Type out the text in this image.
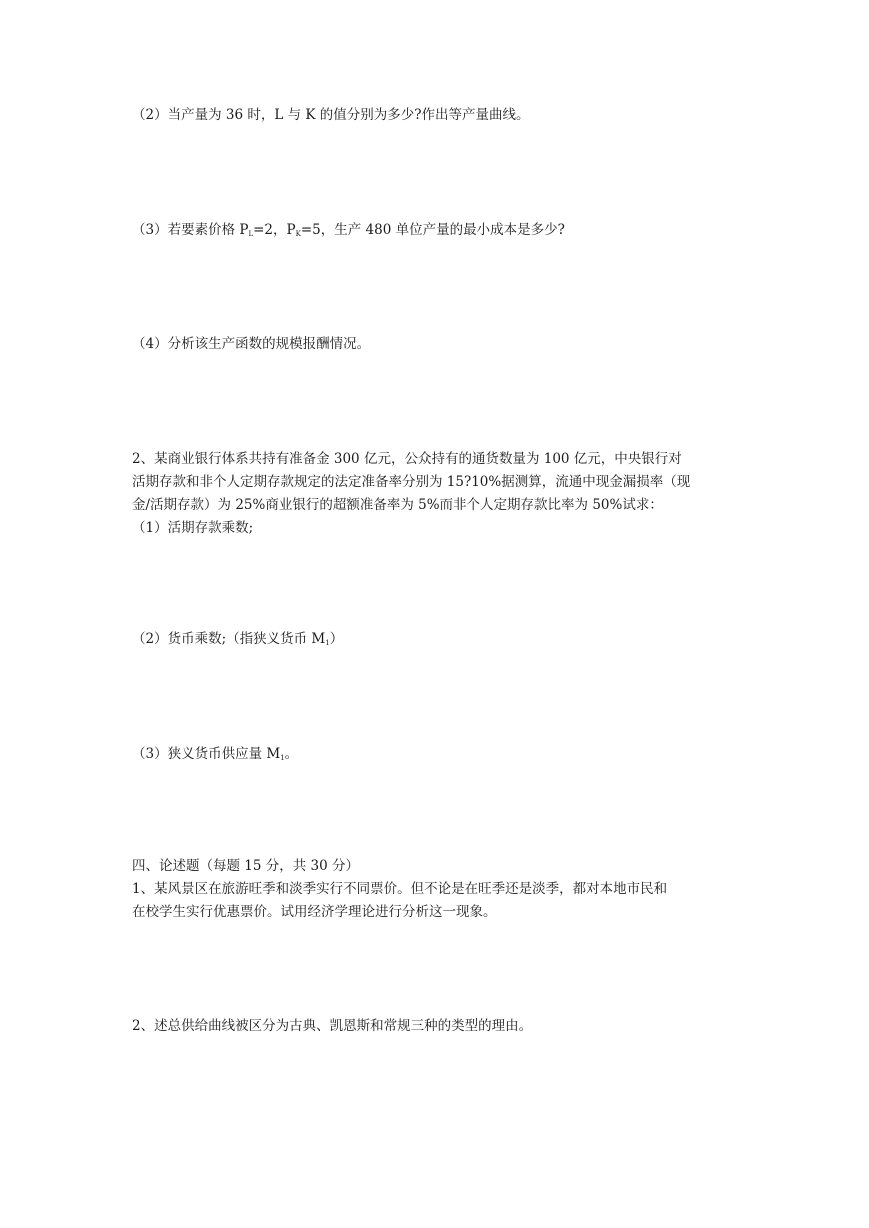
（2）当产量为 36 时，L 与 K 的值分别为多少?作出等产量曲线。
（3）若要素价格 $P_L=2$，$P_K=5$，生产 480 单位产量的最小成本是多少?
（4）分析该生产函数的规模报酬情况。
2、某商业银行体系共持有准备金 300 亿元，公众持有的通货数量为 100 亿元，中央银行对
活期存款和非个人定期存款规定的法定准备率分别为 15?10%据测算，流通中现金漏损率（现
金/活期存款）为 25%商业银行的超额准备率为 5%而非个人定期存款比率为 50%试求：
（1）活期存款乘数;
（2）货币乘数;（指狭义货币 $M_1$）
（3）狭义货币供应量 $M_1$。
四、论述题（每题 15 分，共 30 分）
1、某风景区在旅游旺季和淡季实行不同票价。但不论是在旺季还是淡季，都对本地市民和
在校学生实行优惠票价。试用经济学理论进行分析这一现象。
2、述总供给曲线被区分为古典、凯恩斯和常规三种的类型的理由。
